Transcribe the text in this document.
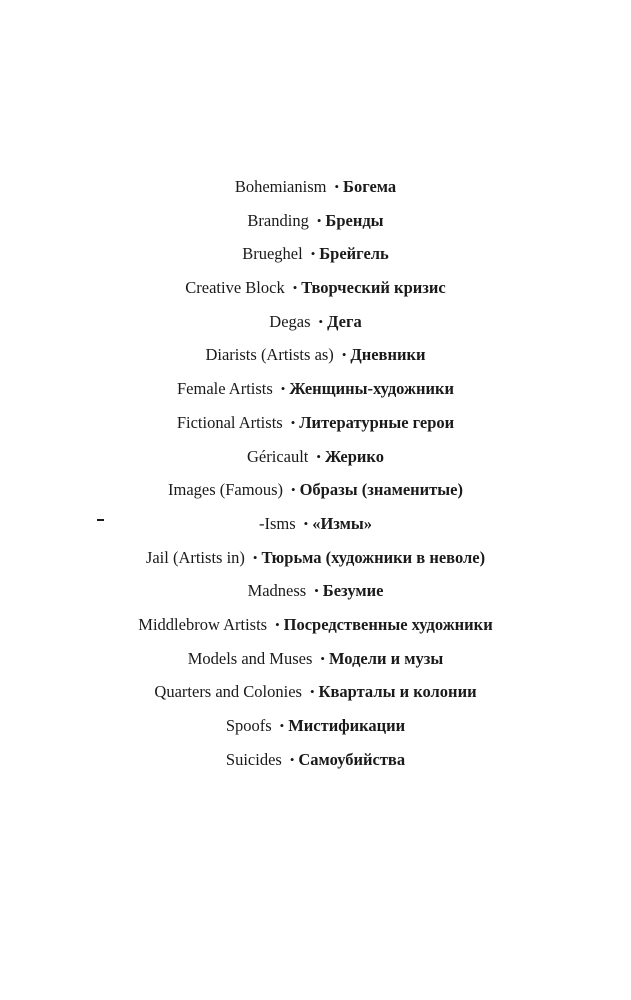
Bohemianism • Богема
Branding • Бренды
Brueghel • Брейгель
Creative Block • Творческий кризис
Degas • Дега
Diarists (Artists as) • Дневники
Female Artists • Женщины-художники
Fictional Artists • Литературные герои
Géricault • Жерико
Images (Famous) • Образы (знаменитые)
-Isms • «Измы»
Jail (Artists in) • Тюрьма (художники в неволе)
Madness • Безумие
Middlebrow Artists • Посредственные художники
Models and Muses • Модели и музы
Quarters and Colonies • Кварталы и колонии
Spoofs • Мистификации
Suicides • Самоубийства
